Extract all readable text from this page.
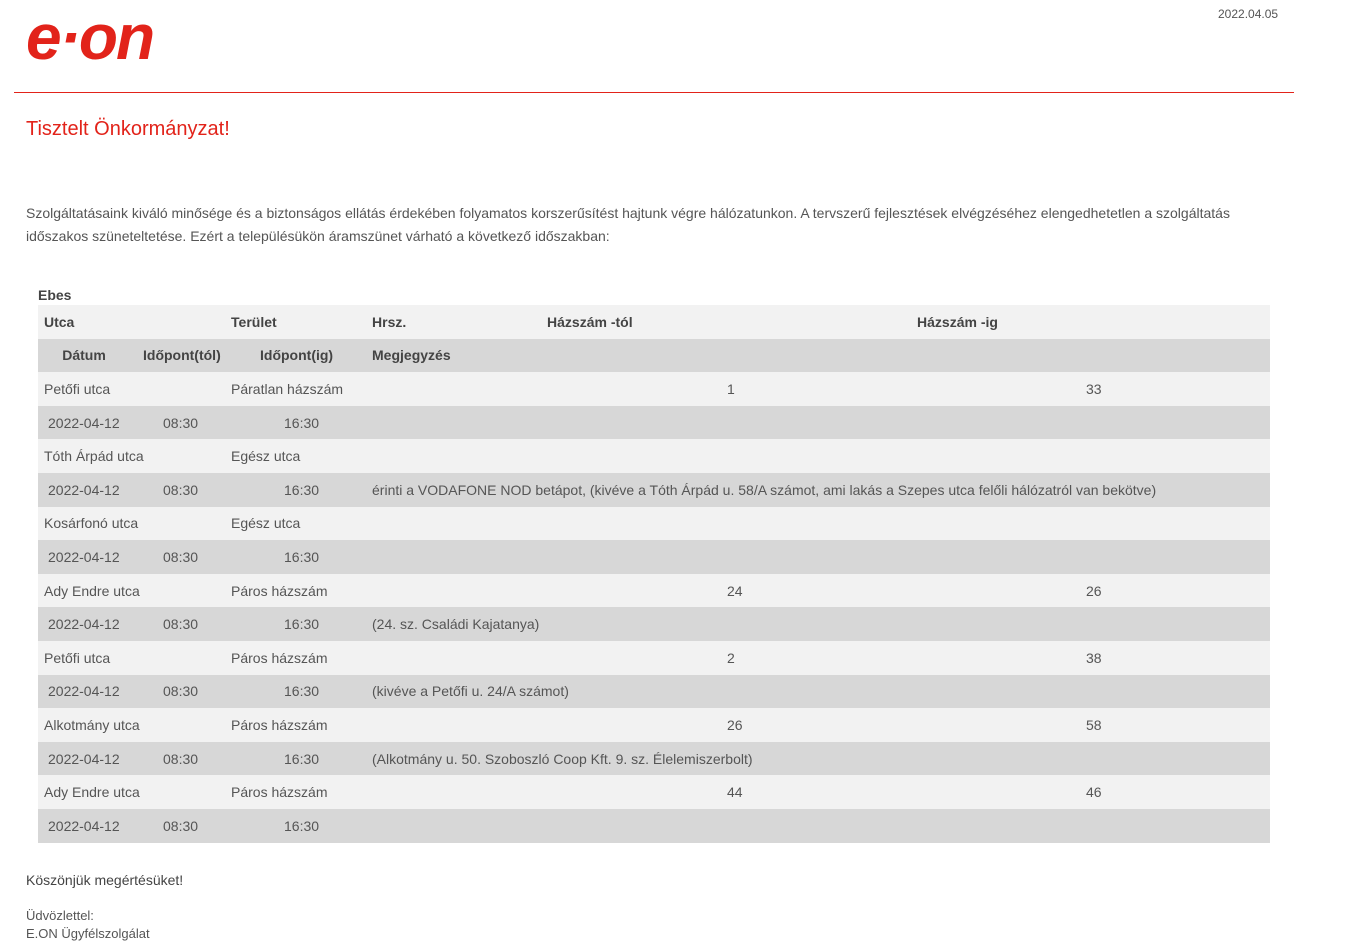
e·on	2022.04.05
Tisztelt Önkormányzat!
Szolgáltatásaink kiváló minősége és a biztonságos ellátás érdekében folyamatos korszerűsítést hajtunk végre hálózatunkon. A tervszerű fejlesztések elvégzéséhez elengedhetetlen a szolgáltatás időszakos szüneteltetése. Ezért a településükön áramszünet várható a következő időszakban:
Ebes
Utca		Terület	Hrsz.	Házszám -tól	Házszám -ig
Dátum	Időpont(tól)	Időpont(ig)	Megjegyzés		
Petőfi utca		Páratlan házszám		1	33
2022-04-12	08:30	16:30			
Tóth Árpád utca		Egész utca			
2022-04-12	08:30	16:30	érinti a VODAFONE NOD betápot, (kivéve a Tóth Árpád u. 58/A számot, ami lakás a Szepes utca felőli hálózatról van bekötve)		
Kosárfonó utca		Egész utca			
2022-04-12	08:30	16:30			
Ady Endre utca		Páros házszám		24	26
2022-04-12	08:30	16:30	(24. sz. Családi Kajatanya)		
Petőfi utca		Páros házszám		2	38
2022-04-12	08:30	16:30	(kivéve a Petőfi u. 24/A számot)		
Alkotmány utca		Páros házszám		26	58
2022-04-12	08:30	16:30	(Alkotmány u. 50. Szoboszló Coop Kft. 9. sz. Élelemiszerbolt)		
Ady Endre utca		Páros házszám		44	46
2022-04-12	08:30	16:30			
Köszönjük megértésüket!
Üdvözlettel:
E.ON Ügyfélszolgálat
